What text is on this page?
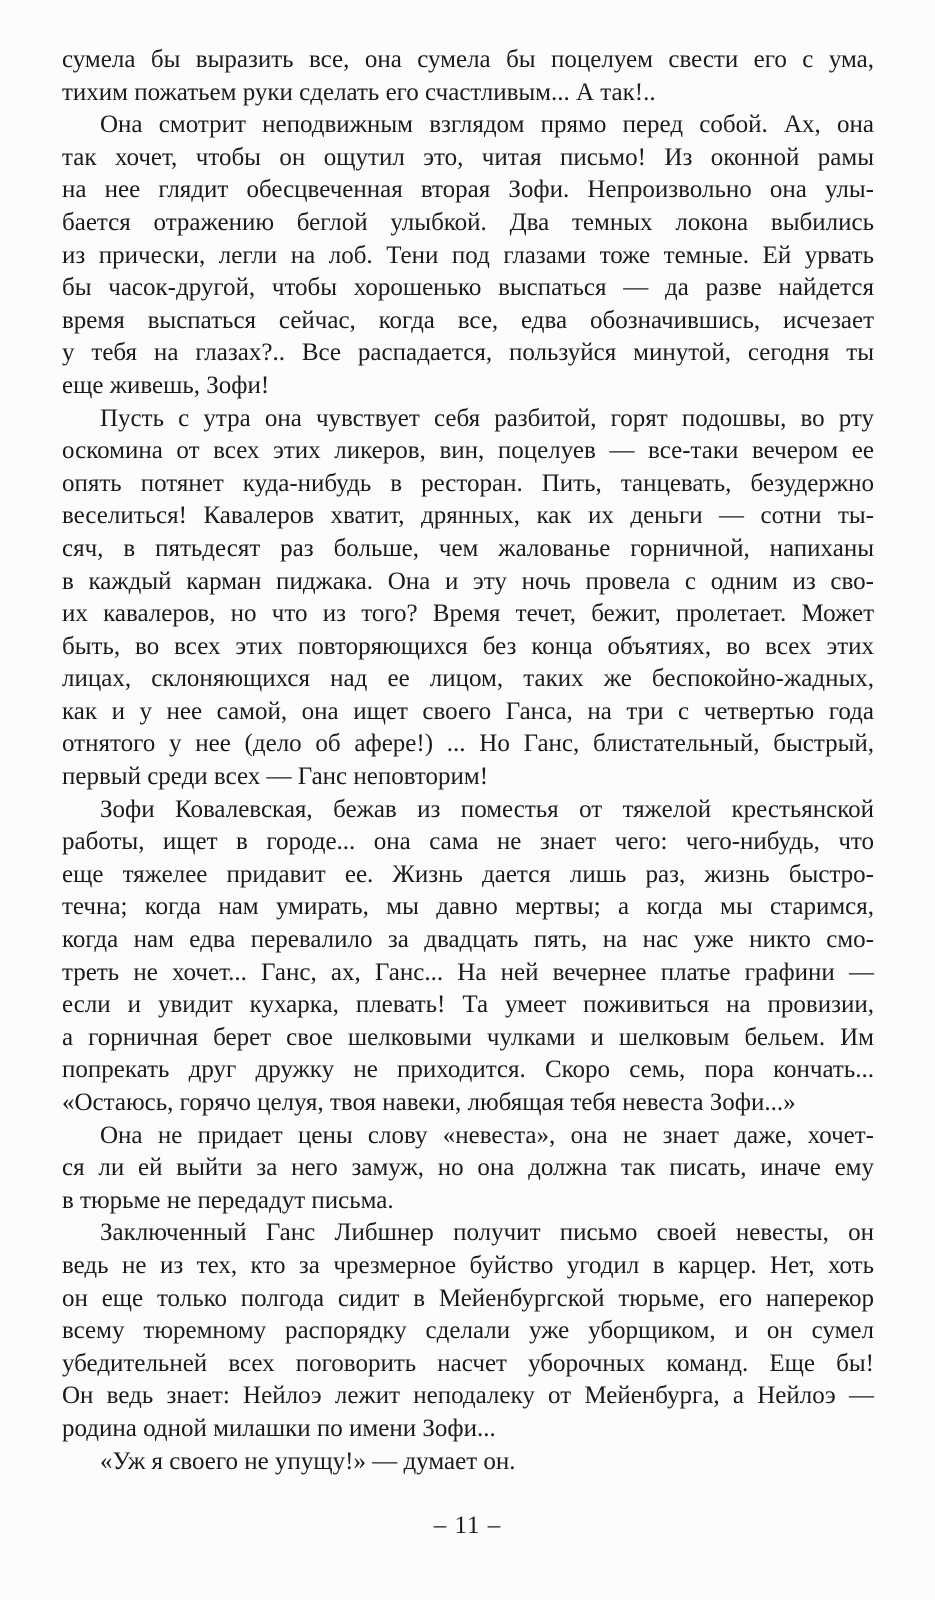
сумела бы выразить все, она сумела бы поцелуем свести его с ума,
тихим пожатьем руки сделать его счастливым... А так!..
Она смотрит неподвижным взглядом прямо перед собой. Ах, она
так хочет, чтобы он ощутил это, читая письмо! Из оконной рамы
на нее глядит обесцвеченная вторая Зофи. Непроизвольно она улы-
бается отражению беглой улыбкой. Два темных локона выбились
из прически, легли на лоб. Тени под глазами тоже темные. Ей урвать
бы часок-другой, чтобы хорошенько выспаться — да разве найдется
время выспаться сейчас, когда все, едва обозначившись, исчезает
у тебя на глазах?.. Все распадается, пользуйся минутой, сегодня ты
еще живешь, Зофи!
Пусть с утра она чувствует себя разбитой, горят подошвы, во рту
оскомина от всех этих ликеров, вин, поцелуев — все-таки вечером ее
опять потянет куда-нибудь в ресторан. Пить, танцевать, безудержно
веселиться! Кавалеров хватит, дрянных, как их деньги — сотни ты-
сяч, в пятьдесят раз больше, чем жалованье горничной, напиханы
в каждый карман пиджака. Она и эту ночь провела с одним из сво-
их кавалеров, но что из того? Время течет, бежит, пролетает. Может
быть, во всех этих повторяющихся без конца объятиях, во всех этих
лицах, склоняющихся над ее лицом, таких же беспокойно-жадных,
как и у нее самой, она ищет своего Ганса, на три с четвертью года
отнятого у нее (дело об афере!) ... Но Ганс, блистательный, быстрый,
первый среди всех — Ганс неповторим!
Зофи Ковалевская, бежав из поместья от тяжелой крестьянской
работы, ищет в городе... она сама не знает чего: чего-нибудь, что
еще тяжелее придавит ее. Жизнь дается лишь раз, жизнь быстро-
течна; когда нам умирать, мы давно мертвы; а когда мы старимся,
когда нам едва перевалило за двадцать пять, на нас уже никто смо-
треть не хочет... Ганс, ах, Ганс... На ней вечернее платье графини —
если и увидит кухарка, плевать! Та умеет поживиться на провизии,
а горничная берет свое шелковыми чулками и шелковым бельем. Им
попрекать друг дружку не приходится. Скоро семь, пора кончать...
«Остаюсь, горячо целуя, твоя навеки, любящая тебя невеста Зофи...»
Она не придает цены слову «невеста», она не знает даже, хочет-
ся ли ей выйти за него замуж, но она должна так писать, иначе ему
в тюрьме не передадут письма.
Заключенный Ганс Либшнер получит письмо своей невесты, он
ведь не из тех, кто за чрезмерное буйство угодил в карцер. Нет, хоть
он еще только полгода сидит в Мейенбургской тюрьме, его наперекор
всему тюремному распорядку сделали уже уборщиком, и он сумел
убедительней всех поговорить насчет уборочных команд. Еще бы!
Он ведь знает: Нейлоэ лежит неподалеку от Мейенбурга, а Нейлоэ —
родина одной милашки по имени Зофи...
«Уж я своего не упущу!» — думает он.
– 11 –
